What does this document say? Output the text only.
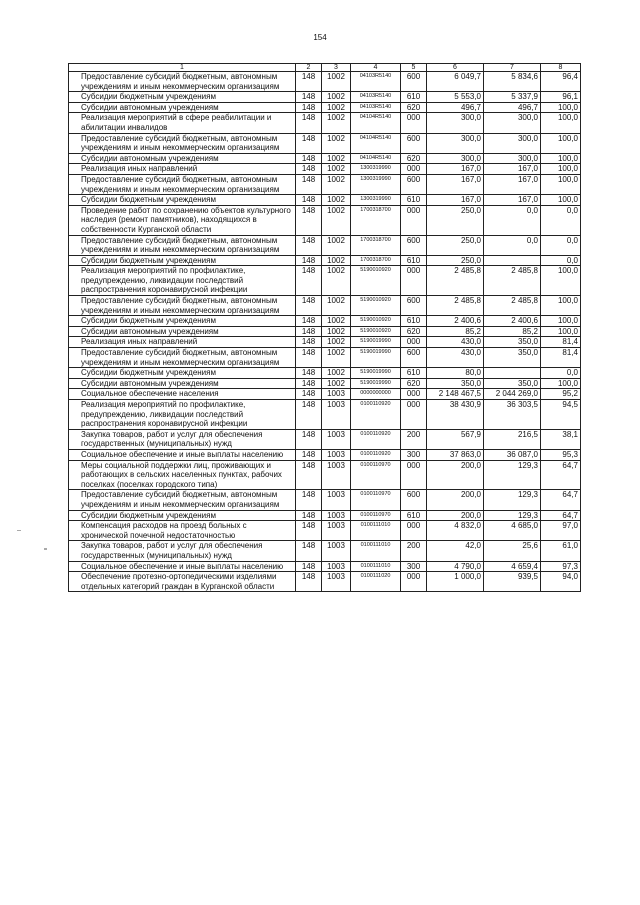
154
1	2	3	4	5	6	7	8
Предоставление субсидий бюджетным, автономным учреждениям и иным некоммерческим организациям	148	1002	04103R5140	600	6 049,7	5 834,6	96,4
Субсидии бюджетным учреждениям	148	1002	04103R5140	610	5 553,0	5 337,9	96,1
Субсидии автономным учреждениям	148	1002	04103R5140	620	496,7	496,7	100,0
Реализация мероприятий в сфере реабилитации и абилитации инвалидов	148	1002	04104R5140	000	300,0	300,0	100,0
Предоставление субсидий бюджетным, автономным учреждениям и иным некоммерческим организациям	148	1002	04104R5140	600	300,0	300,0	100,0
Субсидии автономным учреждениям	148	1002	04104R5140	620	300,0	300,0	100,0
Реализация иных направлений	148	1002	1300319990	000	167,0	167,0	100,0
Предоставление субсидий бюджетным, автономным учреждениям и иным некоммерческим организациям	148	1002	1300319990	600	167,0	167,0	100,0
Субсидии бюджетным учреждениям	148	1002	1300319990	610	167,0	167,0	100,0
Проведение работ по сохранению объектов культурного наследия (ремонт памятников), находящихся в собственности Курганской области	148	1002	1700318700	000	250,0	0,0	0,0
Предоставление субсидий бюджетным, автономным учреждениям и иным некоммерческим организациям	148	1002	1700318700	600	250,0	0,0	0,0
Субсидии бюджетным учреждениям	148	1002	1700318700	610	250,0		0,0
Реализация мероприятий по профилактике, предупреждению, ликвидации последствий распространения коронавирусной инфекции	148	1002	5190010920	000	2 485,8	2 485,8	100,0
Предоставление субсидий бюджетным, автономным учреждениям и иным некоммерческим организациям	148	1002	5190010920	600	2 485,8	2 485,8	100,0
Субсидии бюджетным учреждениям	148	1002	5190010920	610	2 400,6	2 400,6	100,0
Субсидии автономным учреждениям	148	1002	5190010920	620	85,2	85,2	100,0
Реализация иных направлений	148	1002	5190019990	000	430,0	350,0	81,4
Предоставление субсидий бюджетным, автономным учреждениям и иным некоммерческим организациям	148	1002	5190019990	600	430,0	350,0	81,4
Субсидии бюджетным учреждениям	148	1002	5190019990	610	80,0		0,0
Субсидии автономным учреждениям	148	1002	5190019990	620	350,0	350,0	100,0
Социальное обеспечение населения	148	1003	0000000000	000	2 148 467,5	2 044 269,0	95,2
Реализация мероприятий по профилактике, предупреждению, ликвидации последствий распространения коронавирусной инфекции	148	1003	0100110920	000	38 430,9	36 303,5	94,5
Закупка товаров, работ и услуг для обеспечения государственных (муниципальных) нужд	148	1003	0100110920	200	567,9	216,5	38,1
Социальное обеспечение и иные выплаты населению	148	1003	0100110920	300	37 863,0	36 087,0	95,3
Меры социальной поддержки лиц, проживающих и работающих в сельских населенных пунктах, рабочих поселках (поселках городского типа)	148	1003	0100110970	000	200,0	129,3	64,7
Предоставление субсидий бюджетным, автономным учреждениям и иным некоммерческим организациям	148	1003	0100110970	600	200,0	129,3	64,7
Субсидии бюджетным учреждениям	148	1003	0100110970	610	200,0	129,3	64,7
Компенсация расходов на проезд больных с хронической почечной недостаточностью	148	1003	0100111010	000	4 832,0	4 685,0	97,0
Закупка товаров, работ и услуг для обеспечения государственных (муниципальных) нужд	148	1003	0100111010	200	42,0	25,6	61,0
Социальное обеспечение и иные выплаты населению	148	1003	0100111010	300	4 790,0	4 659,4	97,3
Обеспечение протезно-ортопедическими изделиями отдельных категорий граждан в Курганской области	148	1003	0100111020	000	1 000,0	939,5	94,0
